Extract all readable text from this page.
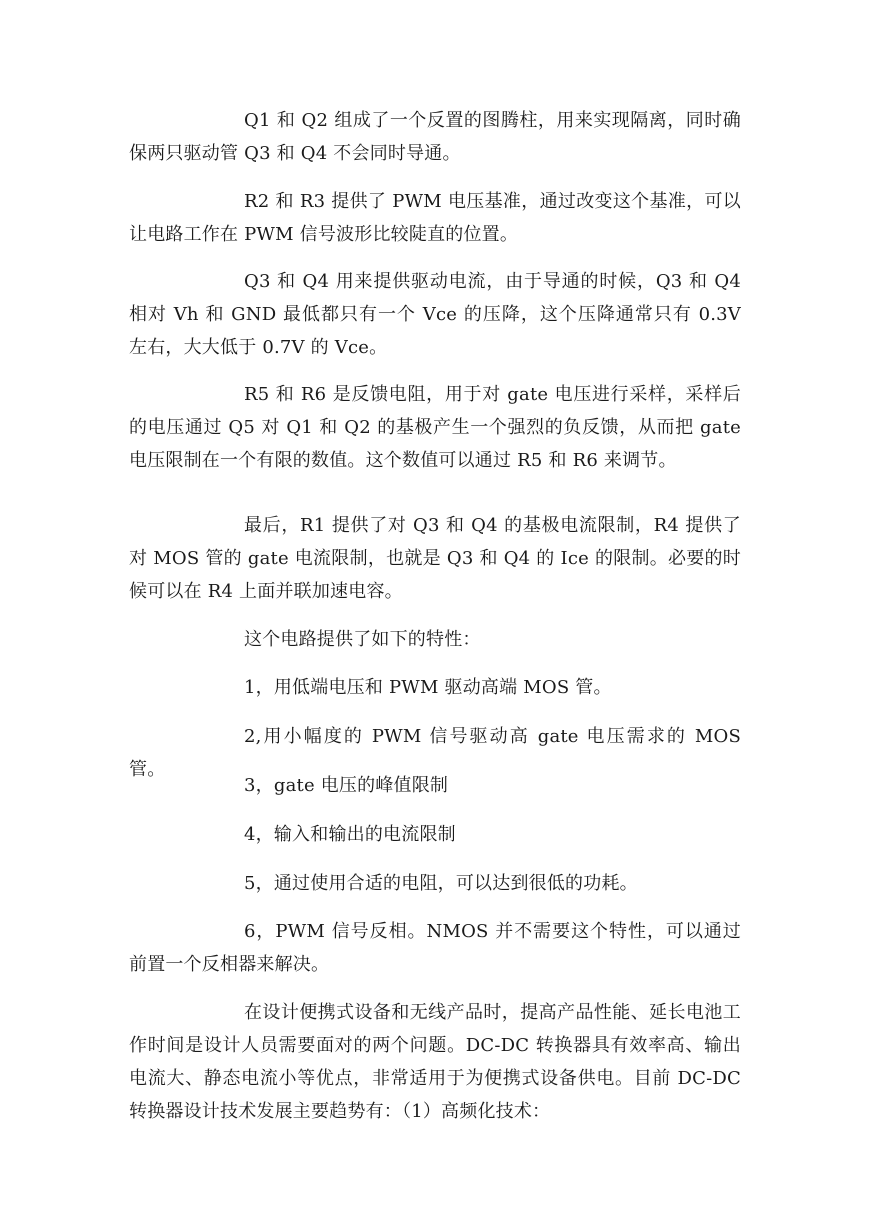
Q1 和 Q2 组成了一个反置的图腾柱，用来实现隔离，同时确保两只驱动管 Q3 和 Q4 不会同时导通。

R2 和 R3 提供了 PWM 电压基准，通过改变这个基准，可以让电路工作在 PWM 信号波形比较陡直的位置。

Q3 和 Q4 用来提供驱动电流，由于导通的时候，Q3 和 Q4 相对 Vh 和 GND 最低都只有一个 Vce 的压降，这个压降通常只有 0.3V 左右，大大低于 0.7V 的 Vce。

R5 和 R6 是反馈电阻，用于对 gate 电压进行采样，采样后的电压通过 Q5 对 Q1 和 Q2 的基极产生一个强烈的负反馈，从而把 gate 电压限制在一个有限的数值。这个数值可以通过 R5 和 R6 来调节。

最后，R1 提供了对 Q3 和 Q4 的基极电流限制，R4 提供了对 MOS 管的 gate 电流限制，也就是 Q3 和 Q4 的 Ice 的限制。必要的时候可以在 R4 上面并联加速电容。

这个电路提供了如下的特性：

1，用低端电压和 PWM 驱动高端 MOS 管。

2,用小幅度的 PWM 信号驱动高 gate 电压需求的 MOS 管。

3，gate 电压的峰值限制

4，输入和输出的电流限制

5，通过使用合适的电阻，可以达到很低的功耗。

6，PWM 信号反相。NMOS 并不需要这个特性，可以通过前置一个反相器来解决。

在设计便携式设备和无线产品时，提高产品性能、延长电池工作时间是设计人员需要面对的两个问题。DC-DC 转换器具有效率高、输出电流大、静态电流小等优点，非常适用于为便携式设备供电。目前 DC-DC 转换器设计技术发展主要趋势有：（1）高频化技术：
